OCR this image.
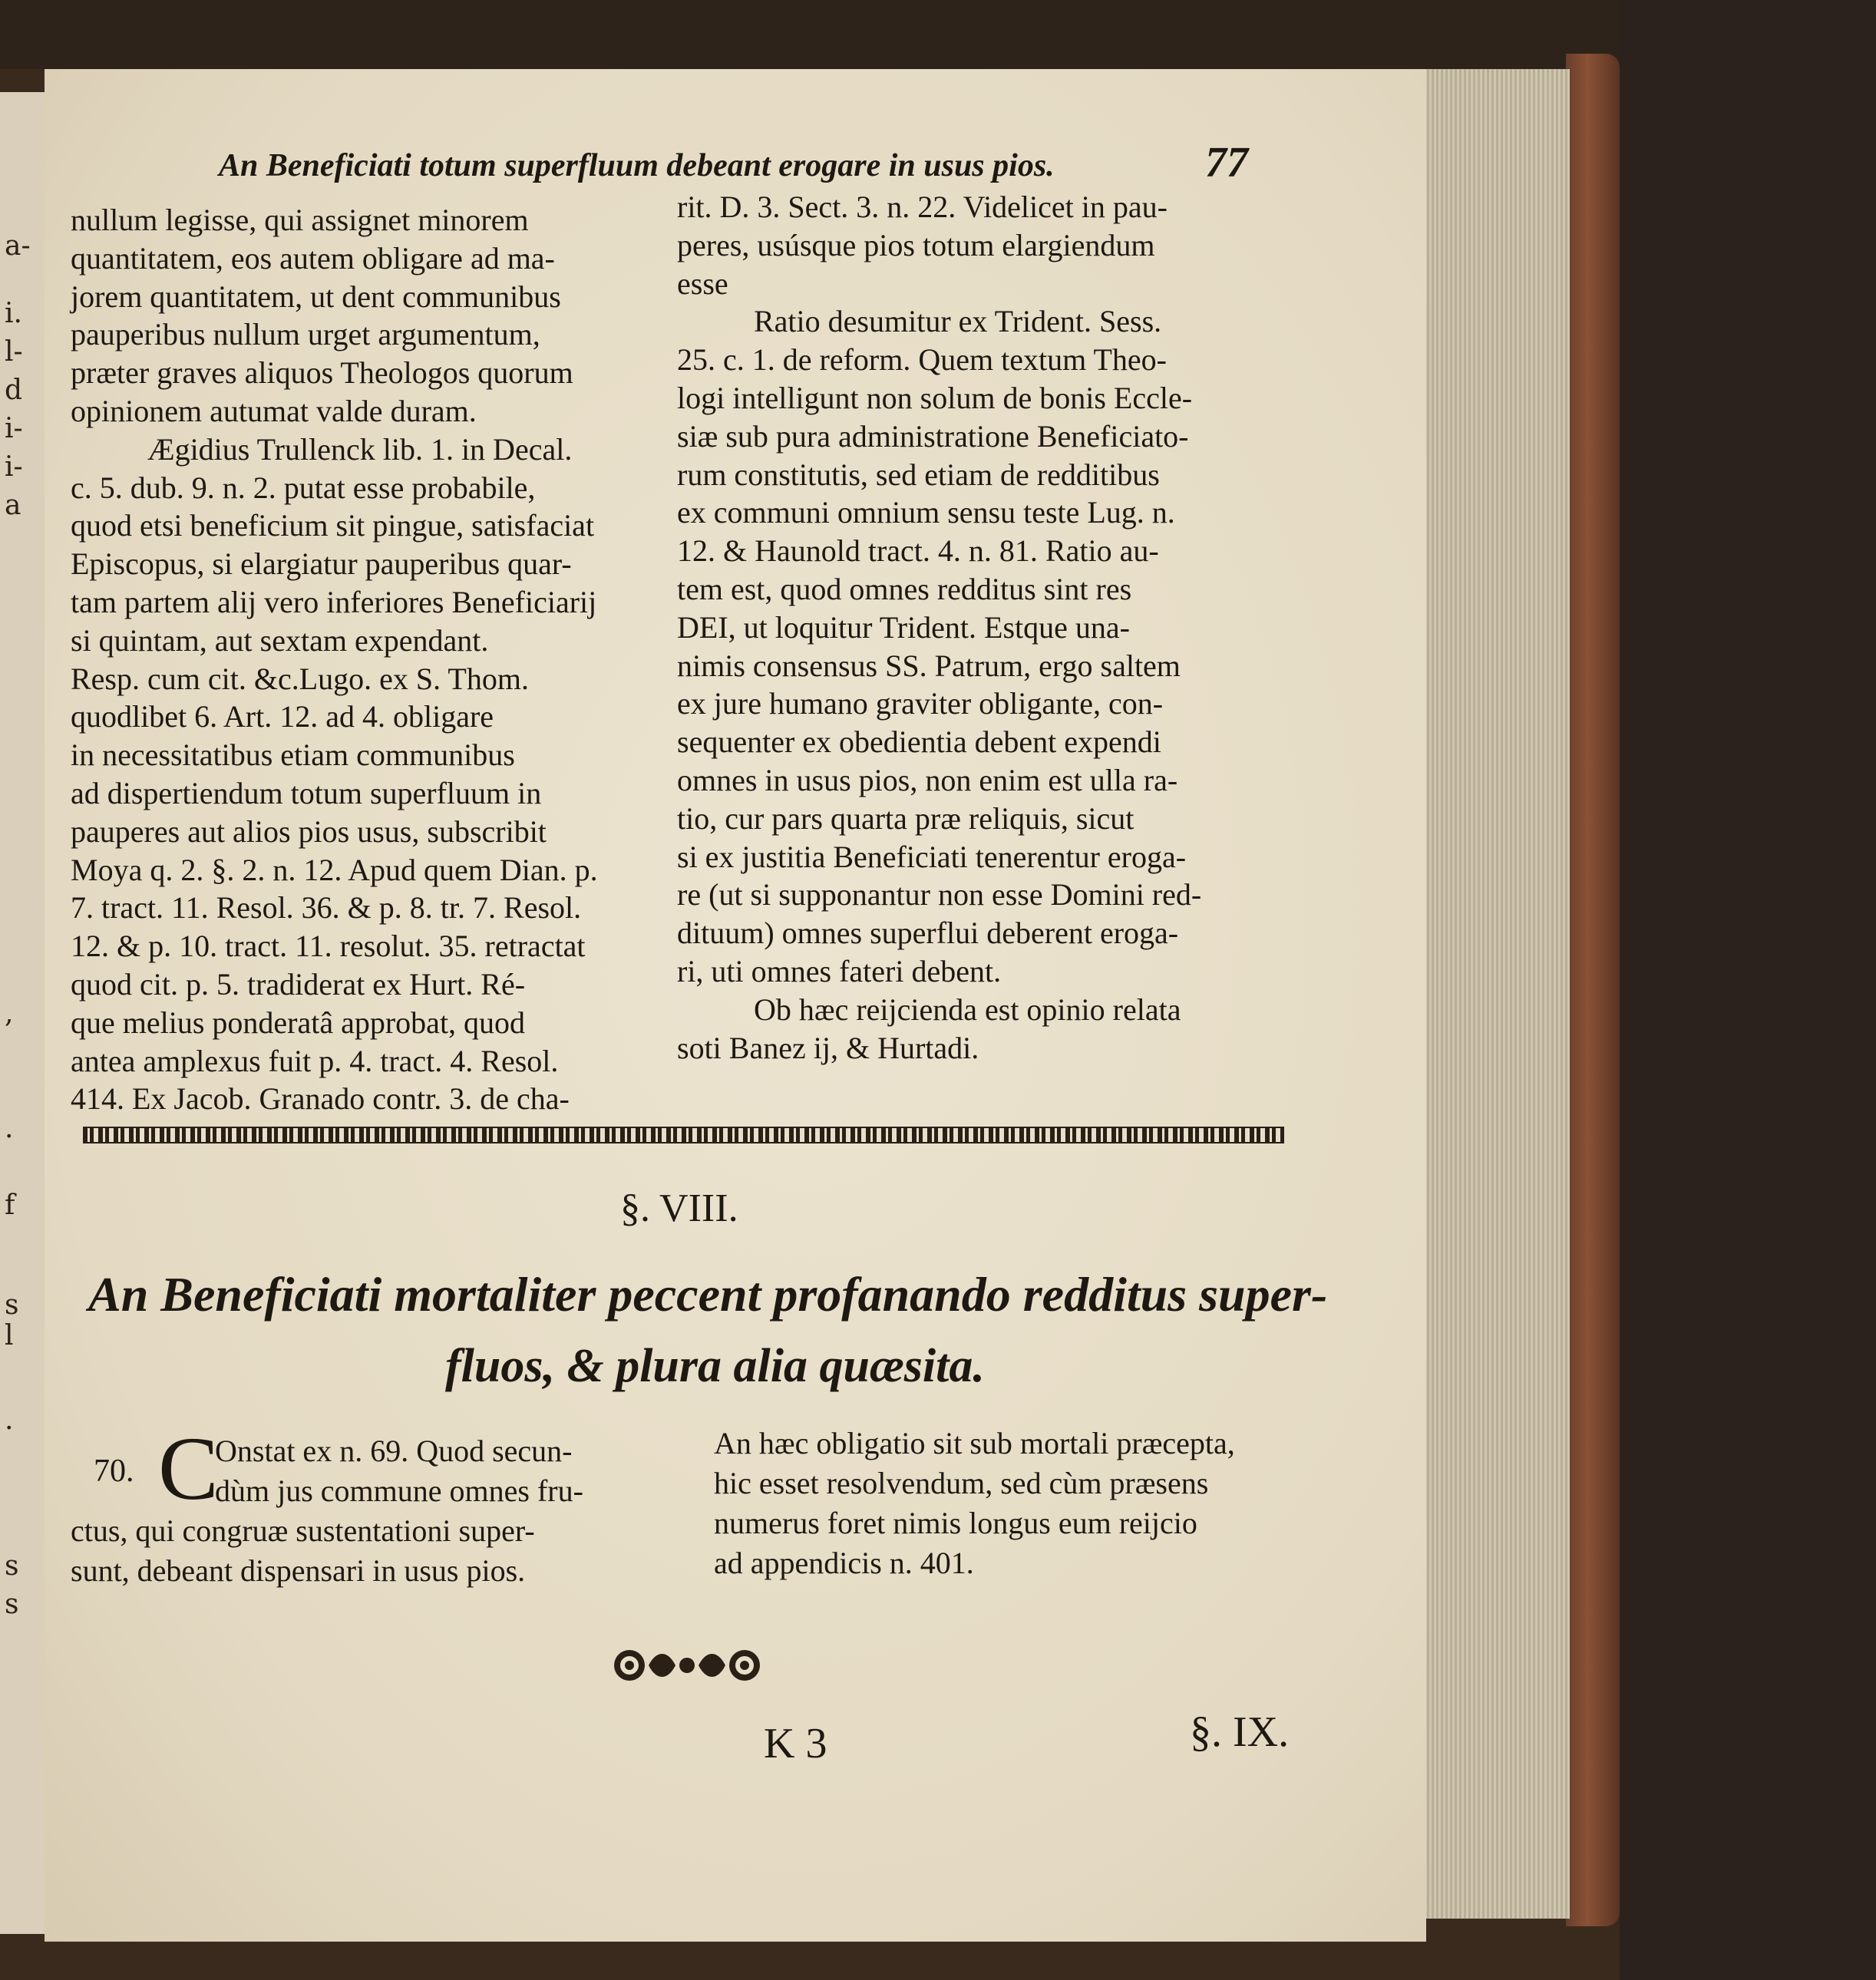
a-
i.
l-
d
i-
i-
a
,
.
f
s
l
.
s
s
An Beneficiati totum superfluum debeant erogare in usus pios.	77
nullum legisse, qui assignet minorem
quantitatem, eos autem obligare ad ma-
jorem quantitatem, ut dent communibus
pauperibus nullum urget argumentum,
præter graves aliquos Theologos quorum
opinionem autumat valde duram.
Ægidius Trullenck lib. 1. in Decal.
c. 5. dub. 9. n. 2. putat esse probabile,
quod etsi beneficium sit pingue, satisfaciat
Episcopus, si elargiatur pauperibus quar-
tam partem alij vero inferiores Beneficiarij
si quintam, aut sextam expendant.
Resp. cum cit. &c.Lugo. ex S. Thom.
quodlibet 6. Art. 12. ad 4. obligare
in necessitatibus etiam communibus
ad dispertiendum totum superfluum in
pauperes aut alios pios usus, subscribit
Moya q. 2. §. 2. n. 12. Apud quem Dian. p.
7. tract. 11. Resol. 36. & p. 8. tr. 7. Resol.
12. & p. 10. tract. 11. resolut. 35. retractat
quod cit. p. 5. tradiderat ex Hurt. Ré-
que melius ponderatâ approbat, quod
antea amplexus fuit p. 4. tract. 4. Resol.
414. Ex Jacob. Granado contr. 3. de cha-
rit. D. 3. Sect. 3. n. 22. Videlicet in pau-
peres, usúsque pios totum elargiendum
esse
Ratio desumitur ex Trident. Sess.
25. c. 1. de reform. Quem textum Theo-
logi intelligunt non solum de bonis Eccle-
siæ sub pura administratione Beneficiato-
rum constitutis, sed etiam de redditibus
ex communi omnium sensu teste Lug. n.
12. & Haunold tract. 4. n. 81. Ratio au-
tem est, quod omnes redditus sint res
DEI, ut loquitur Trident. Estque una-
nimis consensus SS. Patrum, ergo saltem
ex jure humano graviter obligante, con-
sequenter ex obedientia debent expendi
omnes in usus pios, non enim est ulla ra-
tio, cur pars quarta præ reliquis, sicut
si ex justitia Beneficiati tenerentur eroga-
re (ut si supponantur non esse Domini red-
dituum) omnes superflui deberent eroga-
ri, uti omnes fateri debent.
Ob hæc reijcienda est opinio relata
soti Banez ij, & Hurtadi.
§. VIII.
An Beneficiati mortaliter peccent profanando redditus super-
fluos, & plura alia quæsita.
70. C
Onstat ex n. 69. Quod secun-
dùm jus commune omnes fru-
ctus, qui congruæ sustentationi super-
sunt, debeant dispensari in usus pios.
An hæc obligatio sit sub mortali præcepta,
hic esset resolvendum, sed cùm præsens
numerus foret nimis longus eum reijcio
ad appendicis n. 401.
K 3	§. IX.
